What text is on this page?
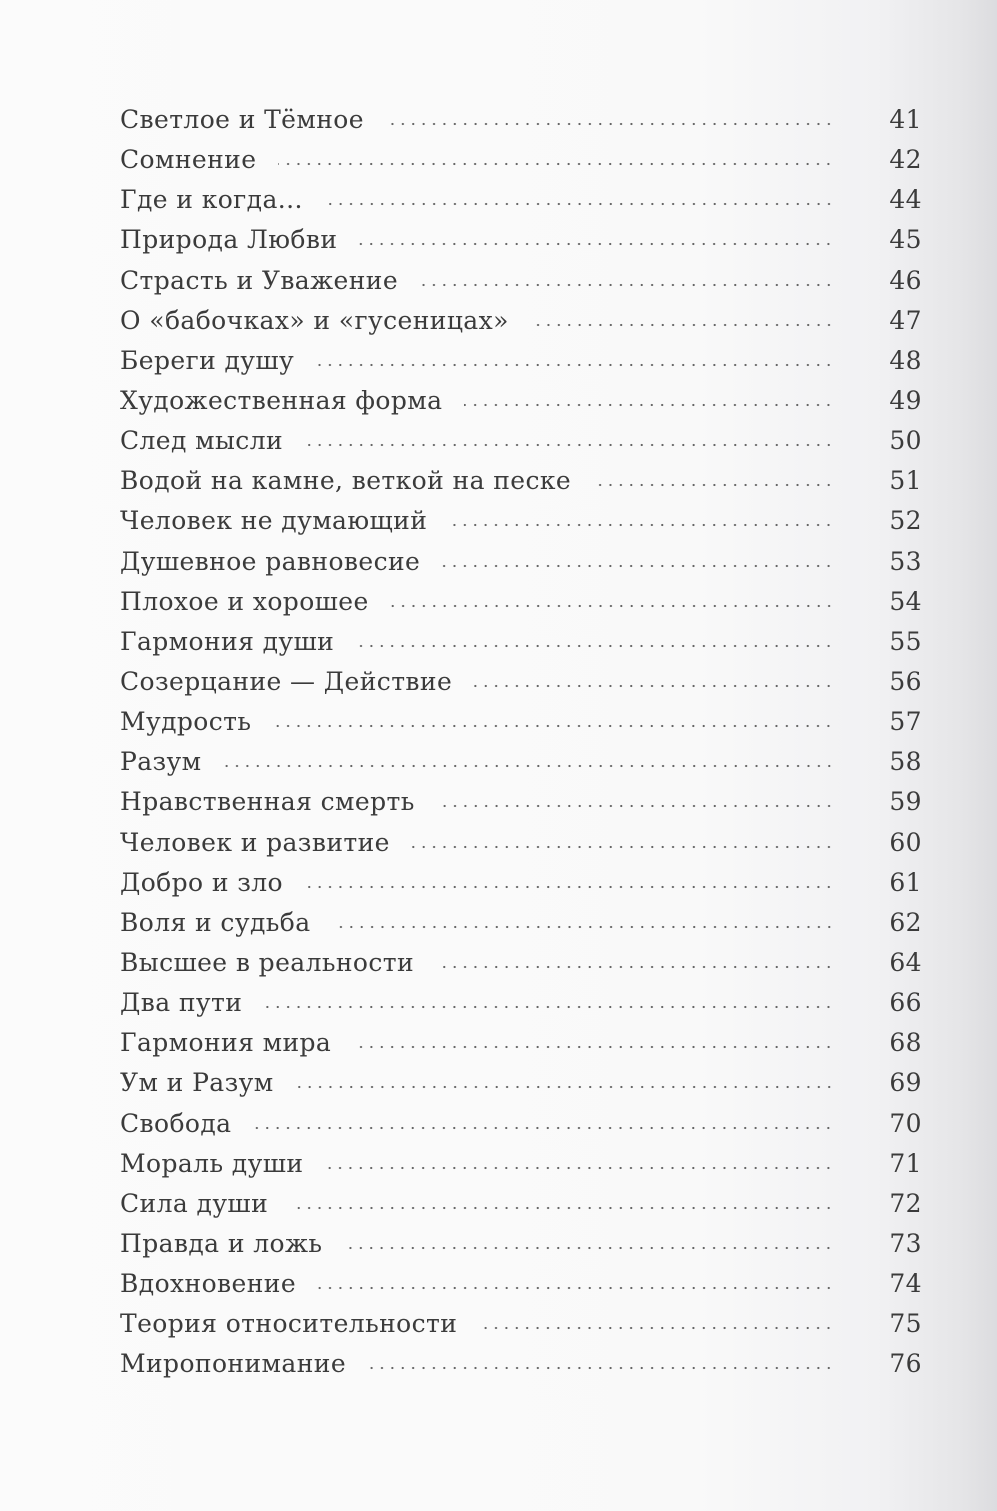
Светлое и Тёмное	41
Сомнение	42
Где и когда...	44
Природа Любви	45
Страсть и Уважение	46
О «бабочках» и «гусеницах»	47
Береги душу	48
Художественная форма	49
След мысли	50
Водой на камне, веткой на песке	51
Человек не думающий	52
Душевное равновесие	53
Плохое и хорошее	54
Гармония души	55
Созерцание — Действие	56
Мудрость	57
Разум	58
Нравственная смерть	59
Человек и развитие	60
Добро и зло	61
Воля и судьба	62
Высшее в реальности	64
Два пути	66
Гармония мира	68
Ум и Разум	69
Свобода	70
Мораль души	71
Сила души	72
Правда и ложь	73
Вдохновение	74
Теория относительности	75
Миропонимание	76
